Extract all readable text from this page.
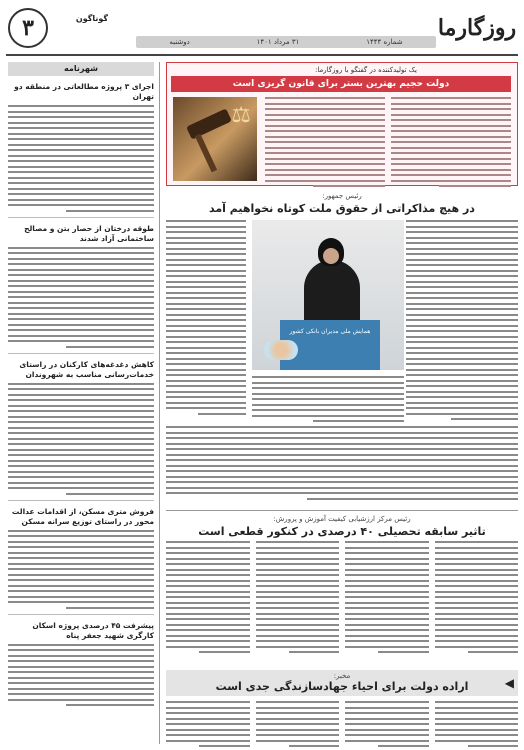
۳	گوناگون
شماره ۱۴۴۴
۳۱ مرداد ۱۴۰۱
دوشنبه
روزگارما
شهرنامه
اجرای ۳ پروژه مطالعاتی در منطقه دو تهران
طوقه درختان از حصار بتن و مصالح ساختمانی آزاد شدند
کاهش دغدغه‌های کارکنان در راستای خدمات‌رسانی مناسب به شهروندان
فروش متری مسکن، از اقدامات عدالت محور در راستای توزیع سرانه مسکن
پیشرفت ۴۵ درصدی پروژه اسکان کارگری شهید جعفر پناه
یک توليدكننده در گفتگو با روزگارما:
دولت حجیم بهترین بستر برای قانون گریزی است
⚖
رئیس جمهور:
در هیچ مذاکراتی از حقوق ملت کوتاه نخواهیم آمد
همایش ملی مدیران بانکی کشور
رئیس مرکز ارزشیابی کیفیت آموزش و پرورش:
تاثیر سابقه تحصیلی ۴۰ درصدی در کنکور قطعی است
مخبر:
اراده دولت برای احیاء جهادسازندگی جدی است	◀
